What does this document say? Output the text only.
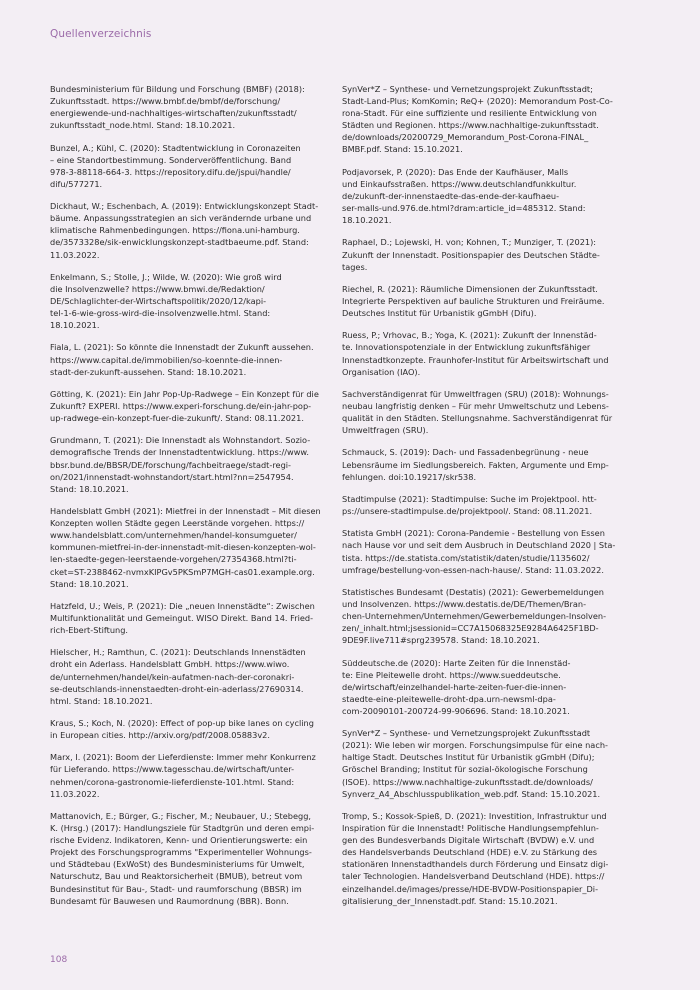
Quellenverzeichnis

Bundesministerium für Bildung und Forschung (BMBF) (2018):
Zukunftsstadt. https://www.bmbf.de/bmbf/de/forschung/
energiewende-und-nachhaltiges-wirtschaften/zukunftsstadt/
zukunftsstadt_node.html. Stand: 18.10.2021.

Bunzel, A.; Kühl, C. (2020): Stadtentwicklung in Coronazeiten
– eine Standortbestimmung. Sonderveröffentlichung. Band
978-3-88118-664-3. https://repository.difu.de/jspui/handle/
difu/577271.

Dickhaut, W.; Eschenbach, A. (2019): Entwicklungskonzept Stadt-
bäume. Anpassungsstrategien an sich verändernde urbane und
klimatische Rahmenbedingungen. https://fiona.uni-hamburg.
de/3573328e/sik-enwicklungskonzept-stadtbaeume.pdf. Stand:
11.03.2022.

Enkelmann, S.; Stolle, J.; Wilde, W. (2020): Wie groß wird
die Insolvenzwelle? https://www.bmwi.de/Redaktion/
DE/Schlaglichter-der-Wirtschaftspolitik/2020/12/kapi-
tel-1-6-wie-gross-wird-die-insolvenzwelle.html. Stand:
18.10.2021.

Fiala, L. (2021): So könnte die Innenstadt der Zukunft aussehen.
https://www.capital.de/immobilien/so-koennte-die-innen-
stadt-der-zukunft-aussehen. Stand: 18.10.2021.

Götting, K. (2021): Ein Jahr Pop-Up-Radwege – Ein Konzept für die
Zukunft? EXPERI. https://www.experi-forschung.de/ein-jahr-pop-
up-radwege-ein-konzept-fuer-die-zukunft/. Stand: 08.11.2021.

Grundmann, T. (2021): Die Innenstadt als Wohnstandort. Sozio-
demografische Trends der Innenstadtentwicklung. https://www.
bbsr.bund.de/BBSR/DE/forschung/fachbeitraege/stadt-regi-
on/2021/innenstadt-wohnstandort/start.html?nn=2547954.
Stand: 18.10.2021.

Handelsblatt GmbH (2021): Mietfrei in der Innenstadt – Mit diesen
Konzepten wollen Städte gegen Leerstände vorgehen. https://
www.handelsblatt.com/unternehmen/handel-konsumgueter/
kommunen-mietfrei-in-der-innenstadt-mit-diesen-konzepten-wol-
len-staedte-gegen-leerstaende-vorgehen/27354368.html?ti-
cket=ST-2388462-nvmxKIPGv5PKSmP7MGH-cas01.example.org.
Stand: 18.10.2021.

Hatzfeld, U.; Weis, P. (2021): Die „neuen Innenstädte“: Zwischen
Multifunktionalität und Gemeingut. WISO Direkt. Band 14. Fried-
rich-Ebert-Stiftung.

Hielscher, H.; Ramthun, C. (2021): Deutschlands Innenstädten
droht ein Aderlass. Handelsblatt GmbH. https://www.wiwo.
de/unternehmen/handel/kein-aufatmen-nach-der-coronakri-
se-deutschlands-innenstaedten-droht-ein-aderlass/27690314.
html. Stand: 18.10.2021.

Kraus, S.; Koch, N. (2020): Effect of pop-up bike lanes on cycling
in European cities. http://arxiv.org/pdf/2008.05883v2.

Marx, I. (2021): Boom der Lieferdienste: Immer mehr Konkurrenz
für Lieferando. https://www.tagesschau.de/wirtschaft/unter-
nehmen/corona-gastronomie-lieferdienste-101.html. Stand:
11.03.2022.

Mattanovich, E.; Bürger, G.; Fischer, M.; Neubauer, U.; Stebegg,
K. (Hrsg.) (2017): Handlungsziele für Stadtgrün und deren empi-
rische Evidenz. Indikatoren, Kenn- und Orientierungswerte: ein
Projekt des Forschungsprogramms "Experimenteller Wohnungs-
und Städtebau (ExWoSt) des Bundesministeriums für Umwelt,
Naturschutz, Bau und Reaktorsicherheit (BMUB), betreut vom
Bundesinstitut für Bau-, Stadt- und raumforschung (BBSR) im
Bundesamt für Bauwesen und Raumordnung (BBR). Bonn.

SynVer*Z – Synthese- und Vernetzungsprojekt Zukunftsstadt;
Stadt-Land-Plus; KomKomin; ReQ+ (2020): Memorandum Post-Co-
rona-Stadt. Für eine suffiziente und resiliente Entwicklung von
Städten und Regionen. https://www.nachhaltige-zukunftsstadt.
de/downloads/20200729_Memorandum_Post-Corona-FINAL_
BMBF.pdf. Stand: 15.10.2021.

Podjavorsek, P. (2020): Das Ende der Kaufhäuser, Malls
und Einkaufsstraßen. https://www.deutschlandfunkkultur.
de/zukunft-der-innenstaedte-das-ende-der-kaufhaeu-
ser-malls-und.976.de.html?dram:article_id=485312. Stand:
18.10.2021.

Raphael, D.; Lojewski, H. von; Kohnen, T.; Munziger, T. (2021):
Zukunft der Innenstadt. Positionspapier des Deutschen Städte-
tages.

Riechel, R. (2021): Räumliche Dimensionen der Zukunftsstadt.
Integrierte Perspektiven auf bauliche Strukturen und Freiräume.
Deutsches Institut für Urbanistik gGmbH (Difu).

Ruess, P.; Vrhovac, B.; Yoga, K. (2021): Zukunft der Innenstäd-
te. Innovationspotenziale in der Entwicklung zukunftsfähiger
Innenstadtkonzepte. Fraunhofer-Institut für Arbeitswirtschaft und
Organisation (IAO).

Sachverständigenrat für Umweltfragen (SRU) (2018): Wohnungs-
neubau langfristig denken – Für mehr Umweltschutz und Lebens-
qualität in den Städten. Stellungsnahme. Sachverständigenrat für
Umweltfragen (SRU).

Schmauck, S. (2019): Dach- und Fassadenbegrünung - neue
Lebensräume im Siedlungsbereich. Fakten, Argumente und Emp-
fehlungen. doi:10.19217/skr538.

Stadtimpulse (2021): Stadtimpulse: Suche im Projektpool. htt-
ps://unsere-stadtimpulse.de/projektpool/. Stand: 08.11.2021.

Statista GmbH (2021): Corona-Pandemie - Bestellung von Essen
nach Hause vor und seit dem Ausbruch in Deutschland 2020 | Sta-
tista. https://de.statista.com/statistik/daten/studie/1135602/
umfrage/bestellung-von-essen-nach-hause/. Stand: 11.03.2022.

Statistisches Bundesamt (Destatis) (2021): Gewerbemeldungen
und Insolvenzen. https://www.destatis.de/DE/Themen/Bran-
chen-Unternehmen/Unternehmen/Gewerbemeldungen-Insolven-
zen/_inhalt.html;jsessionid=CC7A15068325E9284A6425F1BD-
9DE9F.live711#sprg239578. Stand: 18.10.2021.

Süddeutsche.de (2020): Harte Zeiten für die Innenstäd-
te: Eine Pleitewelle droht. https://www.sueddeutsche.
de/wirtschaft/einzelhandel-harte-zeiten-fuer-die-innen-
staedte-eine-pleitewelle-droht-dpa.urn-newsml-dpa-
com-20090101-200724-99-906696. Stand: 18.10.2021.

SynVer*Z – Synthese- und Vernetzungsprojekt Zukunftsstadt
(2021): Wie leben wir morgen. Forschungsimpulse für eine nach-
haltige Stadt. Deutsches Institut für Urbanistik gGmbH (Difu);
Gröschel Branding; Institut für sozial-ökologische Forschung
(ISOE). https://www.nachhaltige-zukunftsstadt.de/downloads/
Synverz_A4_Abschlusspublikation_web.pdf. Stand: 15.10.2021.

Tromp, S.; Kossok-Spieß, D. (2021): Investition, Infrastruktur und
Inspiration für die Innenstadt! Politische Handlungsempfehlun-
gen des Bundesverbands Digitale Wirtschaft (BVDW) e.V. und
des Handelsverbands Deutschland (HDE) e.V. zu Stärkung des
stationären Innenstadthandels durch Förderung und Einsatz digi-
taler Technologien. Handelsverband Deutschland (HDE). https://
einzelhandel.de/images/presse/HDE-BVDW-Positionspapier_Di-
gitalisierung_der_Innenstadt.pdf. Stand: 15.10.2021.

108
